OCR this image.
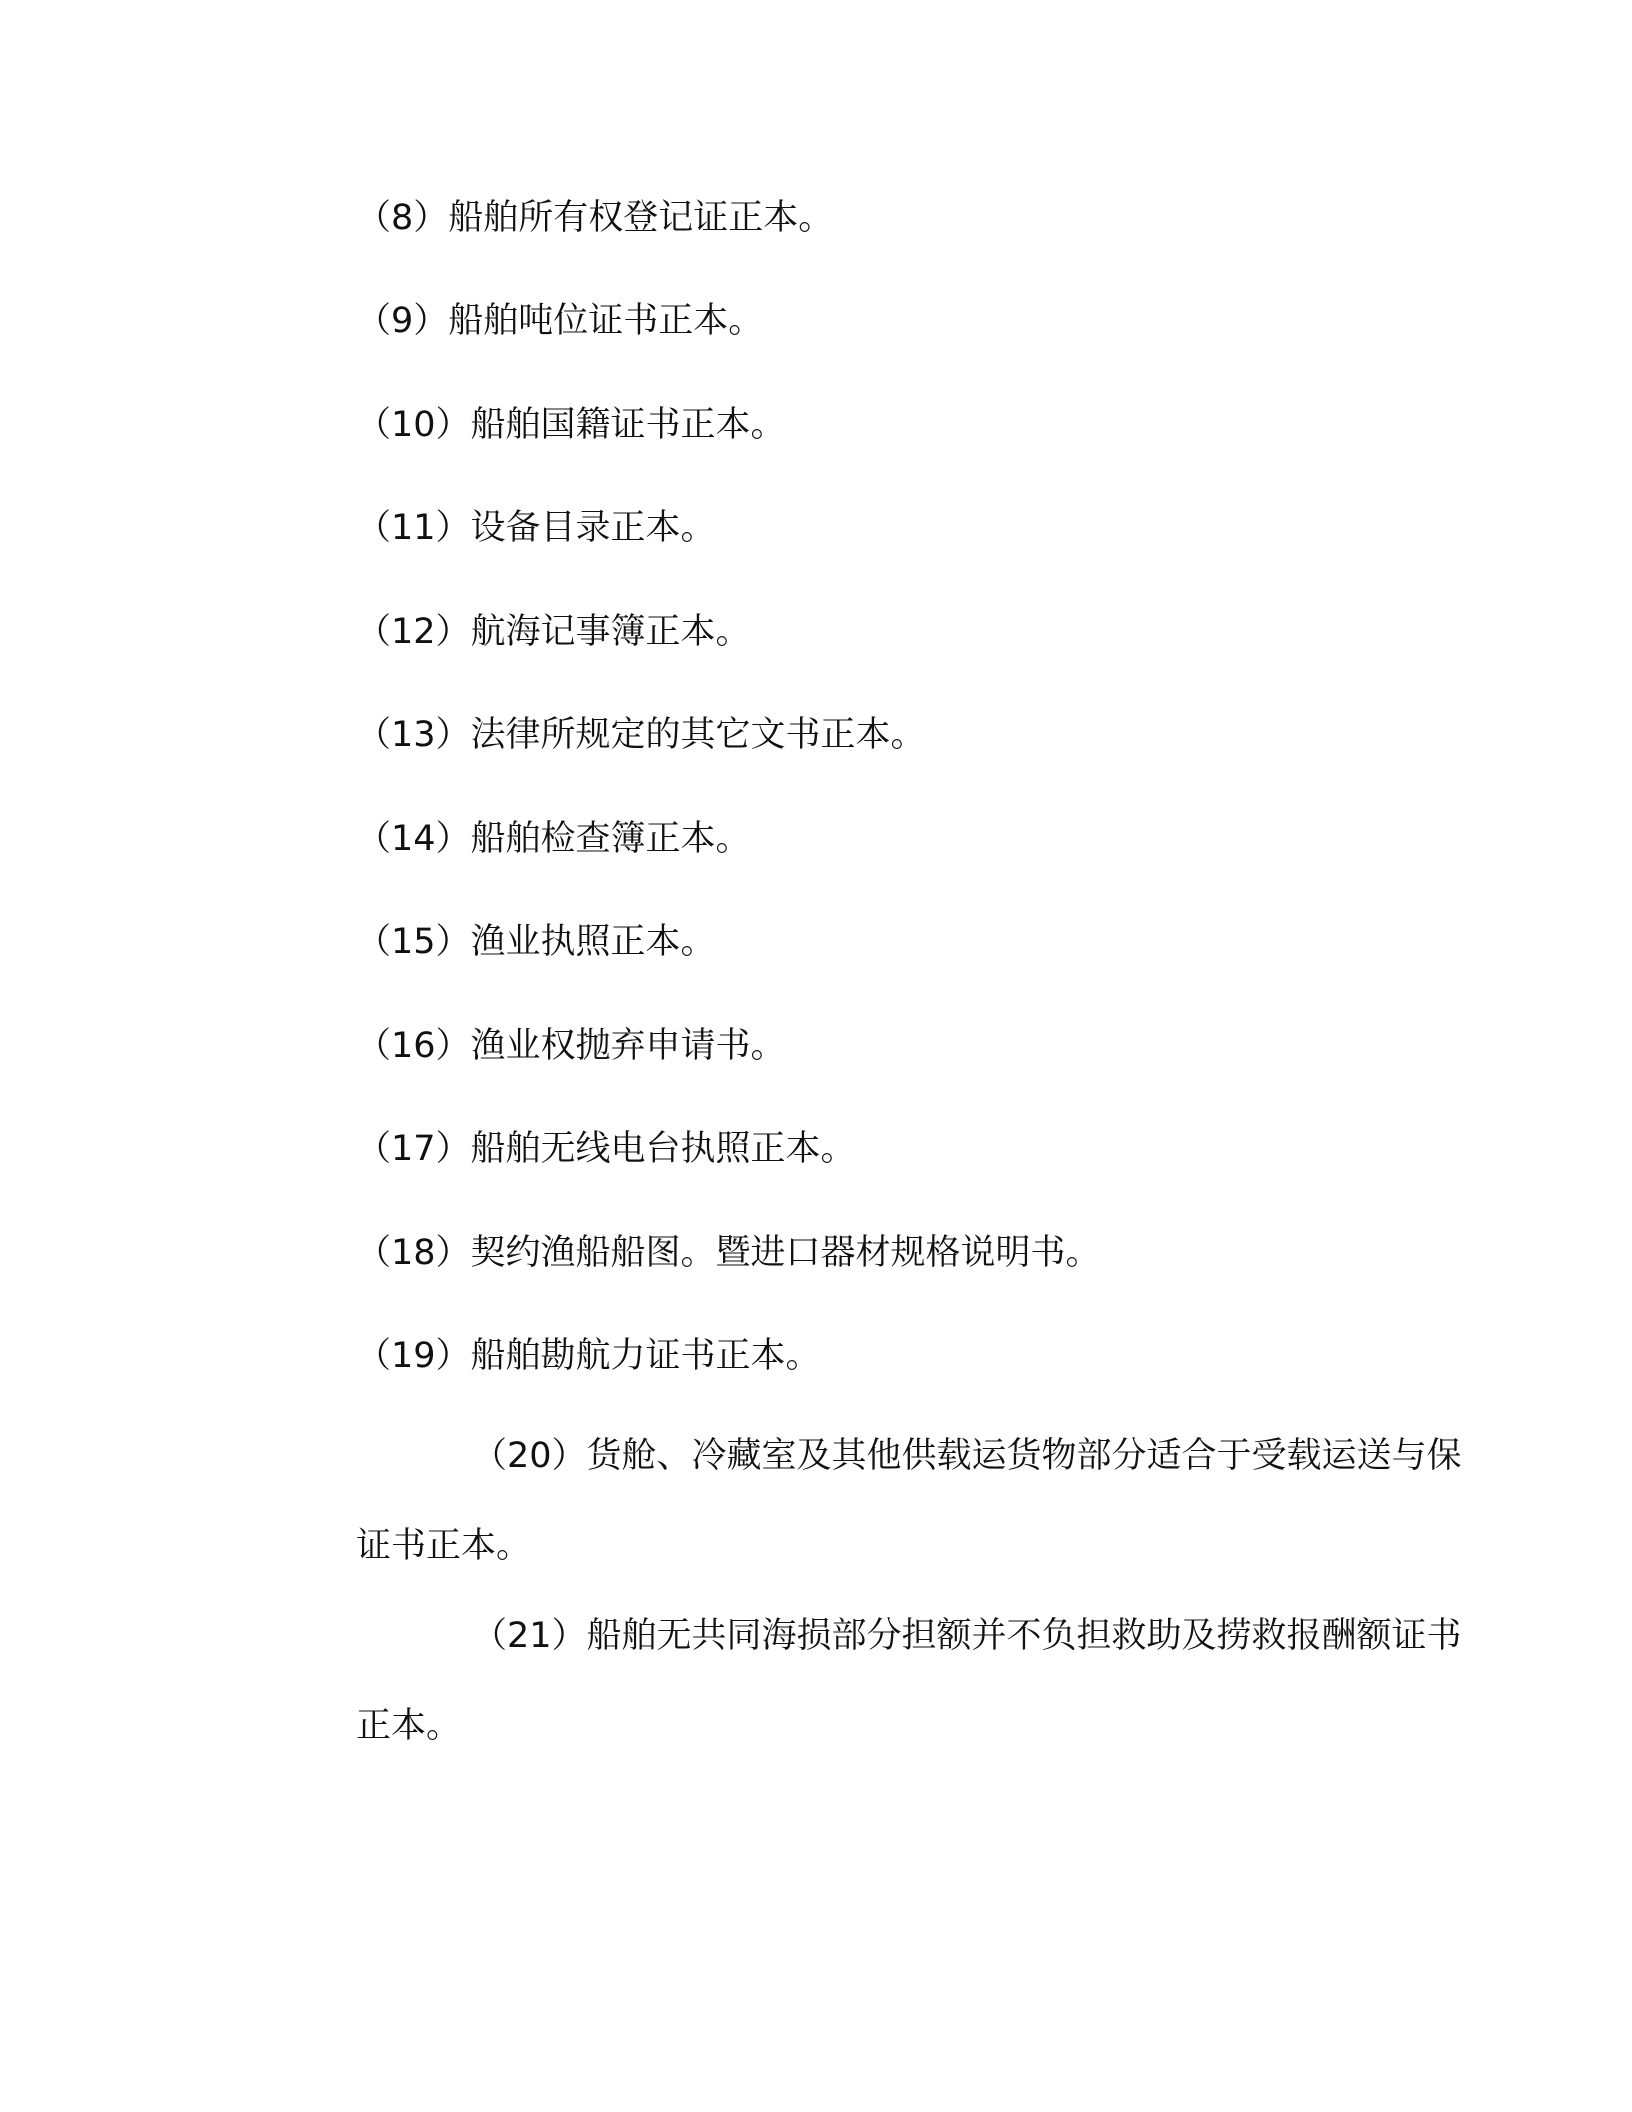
（8）船舶所有权登记证正本。

（9）船舶吨位证书正本。

（10）船舶国籍证书正本。

（11）设备目录正本。

（12）航海记事簿正本。

（13）法律所规定的其它文书正本。

（14）船舶检查簿正本。

（15）渔业执照正本。

（16）渔业权抛弃申请书。

（17）船舶无线电台执照正本。

（18）契约渔船船图。暨进口器材规格说明书。

（19）船舶勘航力证书正本。

（20）货舱、冷藏室及其他供载运货物部分适合于受载运送与保
证书正本。
（21）船舶无共同海损部分担额并不负担救助及捞救报酬额证书
正本。
